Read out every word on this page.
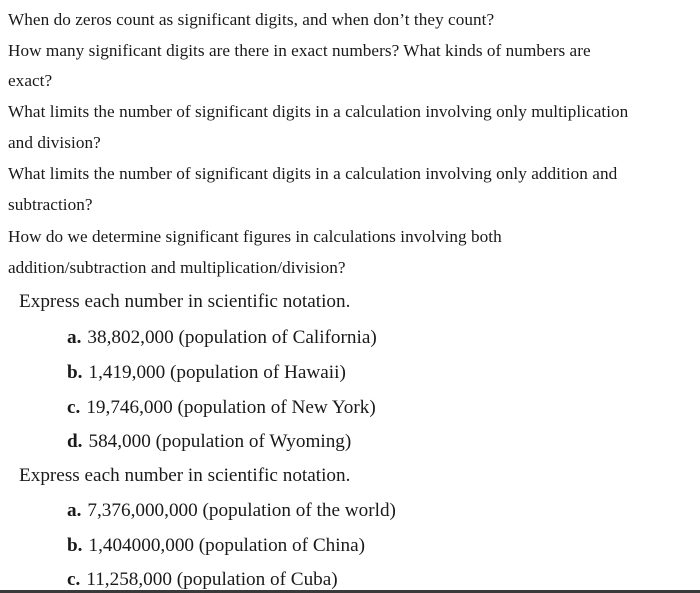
When do zeros count as significant digits, and when don’t they count?
How many significant digits are there in exact numbers? What kinds of numbers are
exact?
What limits the number of significant digits in a calculation involving only multiplication
and division?
What limits the number of significant digits in a calculation involving only addition and
subtraction?
How do we determine significant figures in calculations involving both
addition/subtraction and multiplication/division?
Express each number in scientific notation.
a. 38,802,000 (population of California)
b. 1,419,000 (population of Hawaii)
c. 19,746,000 (population of New York)
d. 584,000 (population of Wyoming)
Express each number in scientific notation.
a. 7,376,000,000 (population of the world)
b. 1,404000,000 (population of China)
c. 11,258,000 (population of Cuba)
